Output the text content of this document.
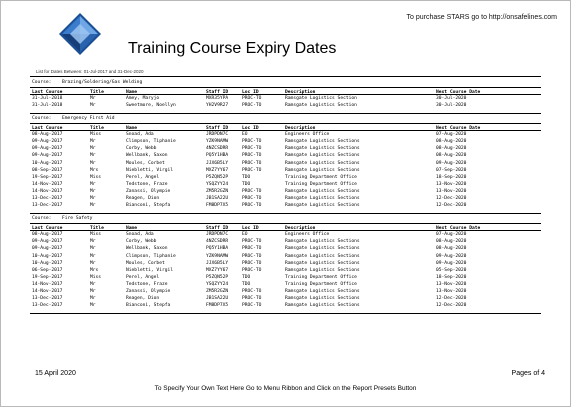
To purchase STARS go to http://onsafelines.com
Training Course Expiry Dates
List for Dates Between: 01-Jul-2017 and 31-Dec-2020
Course:	Brazing/Soldering/Gas Welding
Last Course	Title	Name	Staff ID	Loc ID	Description	Next Course Date
31-Jul-2018	Mr	Amey, Maryjo	MXR35YPA	PROC-TO	Ramsgate Logistics Section	30-Jul-2020
31-Jul-2018	Mr	Sweetmore, Noellyn	YH2V9R27	PROC-TO	Ramsgate Logistics Section	30-Jul-2020
Course:	Emergency First Aid
Last Course	Title	Name	Staff ID	Loc ID	Description	Next Course Date
08-Aug-2017	Miss	Snoad, Ada	JRDPDN7C	EO	Engineers Office	07-Aug-2020
09-Aug-2017	Mr	Climpson, Tiphanie	YZK9NAMW	PROC-TO	Ramsgate Logistics Sections	08-Aug-2020
09-Aug-2017	Mr	Corby, Webb	4NZCSDRR	PROC-TO	Ramsgate Logistics Sections	08-Aug-2020
09-Aug-2017	Mr	Wellbank, Saxon	PQ5Y1HBA	PROC-TO	Ramsgate Logistics Sections	08-Aug-2020
10-Aug-2017	Mr	Moules, Corbet	JJX6B5LY	PROC-TO	Ramsgate Logistics Sections	09-Aug-2020
08-Sep-2017	Mrs	Niebletti, Virgil	MXZ7YY67	PROC-TO	Ramsgate Logistics Sections	07-Sep-2020
19-Sep-2017	Miss	Perel, Angel	P5ZQN52P	TDO	Training Department Office	18-Sep-2020
14-Nov-2017	Mr	Tedstone, Fraze	YSQZYY24	TDO	Training Department Office	13-Nov-2020
14-Nov-2017	Mr	Zanassi, Olympie	ZM5R2GZN	PROC-TO	Ramsgate Logistics Sections	13-Nov-2020
13-Dec-2017	Mr	Reagen, Dion	JB1SA22U	PROC-TO	Ramsgate Logistics Sections	12-Dec-2020
13-Dec-2017	Mr	Bianconi, Stepfa	FM8DP7X5	PROC-TO	Ramsgate Logistics Sections	12-Dec-2020
Course:	Fire Safety
Last Course	Title	Name	Staff ID	Loc ID	Description	Next Course Date
08-Aug-2017	Miss	Snoad, Ada	JRDPDN7C	EO	Engineers Office	07-Aug-2020
09-Aug-2017	Mr	Corby, Webb	4NZCSDRR	PROC-TO	Ramsgate Logistics Sections	08-Aug-2020
09-Aug-2017	Mr	Wellbank, Saxon	PQ5Y1HBA	PROC-TO	Ramsgate Logistics Sections	08-Aug-2020
10-Aug-2017	Mr	Climpson, Tiphanie	YZK9NAMW	PROC-TO	Ramsgate Logistics Sections	09-Aug-2020
10-Aug-2017	Mr	Moules, Corbet	JJX6B5LY	PROC-TO	Ramsgate Logistics Sections	09-Aug-2020
06-Sep-2017	Mrs	Niebletti, Virgil	MXZ7YY67	PROC-TO	Ramsgate Logistics Sections	05-Sep-2020
19-Sep-2017	Miss	Perel, Angel	P5ZQN52P	TDO	Training Department Office	18-Sep-2020
14-Nov-2017	Mr	Tedstone, Fraze	YSQZYY24	TDO	Training Department Office	13-Nov-2020
14-Nov-2017	Mr	Zanassi, Olympie	ZM5R2GZN	PROC-TO	Ramsgate Logistics Sections	13-Nov-2020
13-Dec-2017	Mr	Reagen, Dion	JB1SA22U	PROC-TO	Ramsgate Logistics Sections	12-Dec-2020
13-Dec-2017	Mr	Bianconi, Stepfa	FM8DP7X5	PROC-TO	Ramsgate Logistics Sections	12-Dec-2020
15 April 2020	Pages of 4
To Specify Your Own Text Here Go to Menu Ribbon and Click on the Report Presets Button
